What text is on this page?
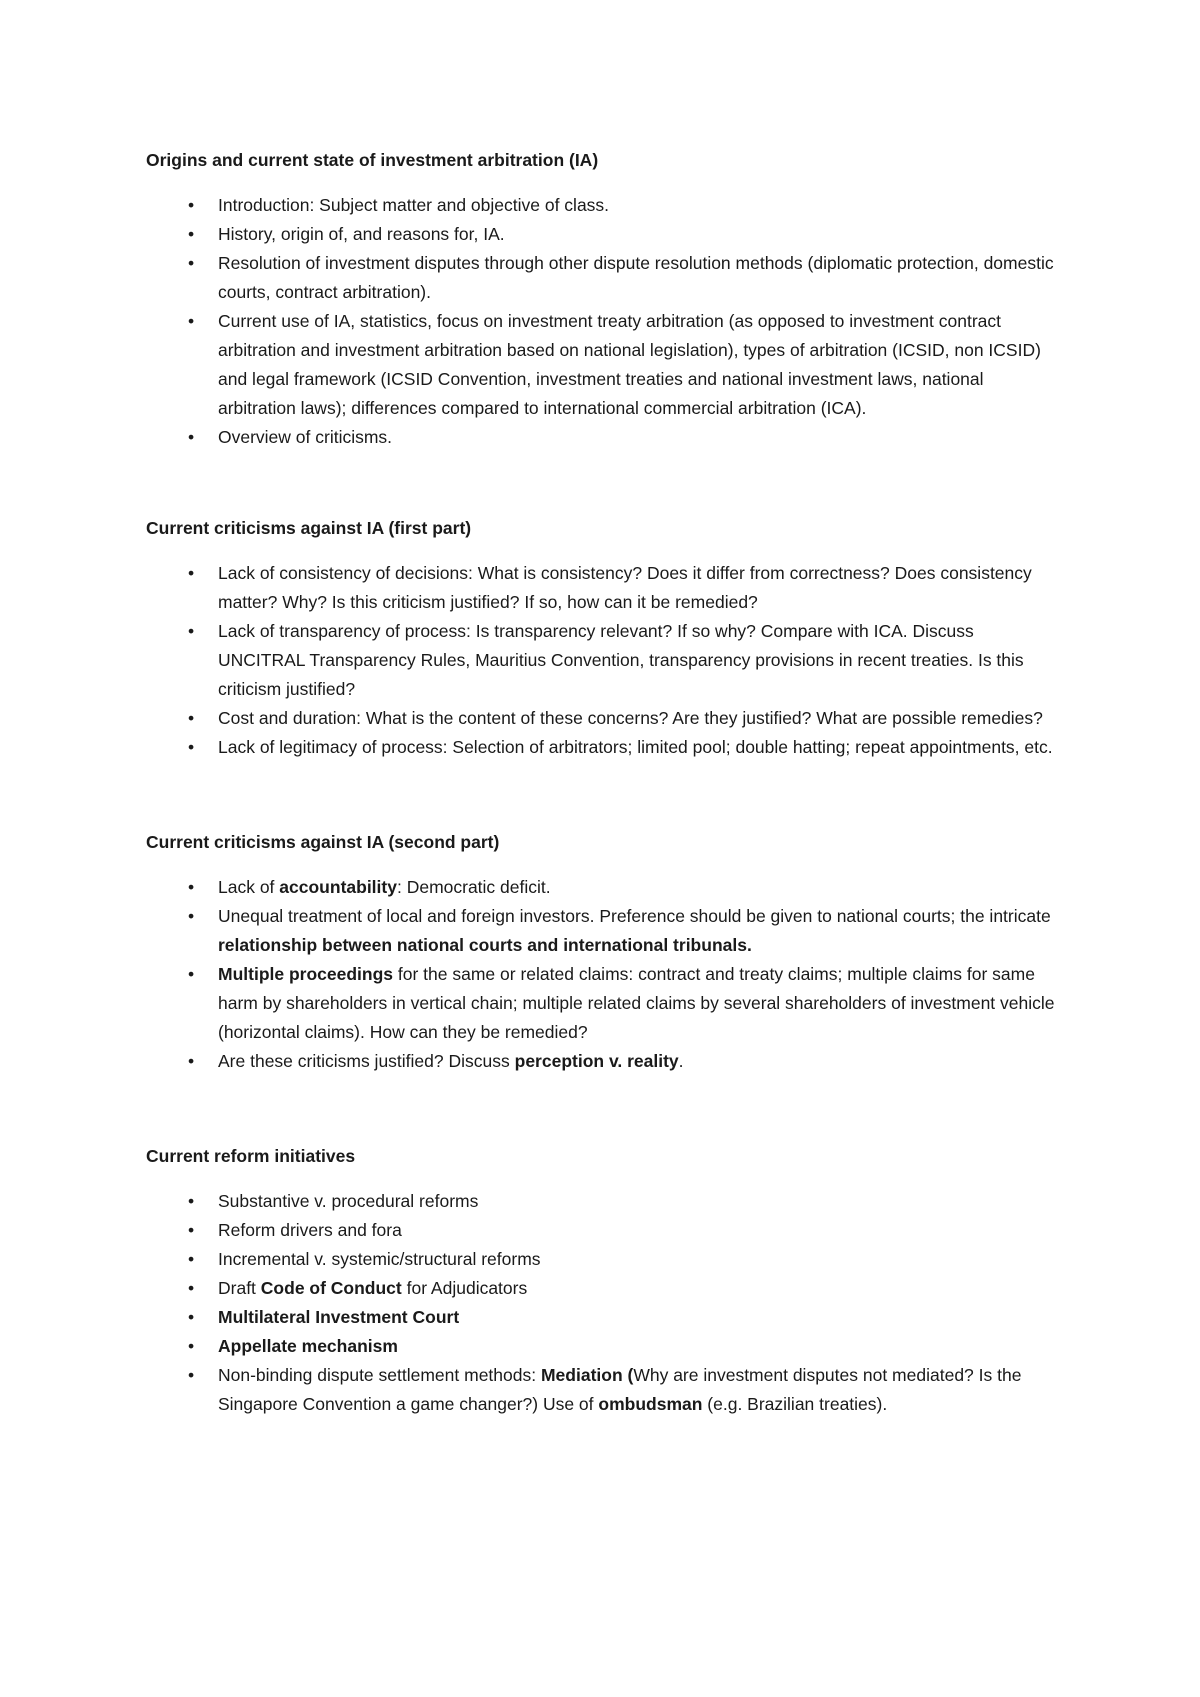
Origins and current state of investment arbitration (IA)
• Introduction: Subject matter and objective of class.
• History, origin of, and reasons for, IA.
• Resolution of investment disputes through other dispute resolution methods (diplomatic protection, domestic courts, contract arbitration).
• Current use of IA, statistics, focus on investment treaty arbitration (as opposed to investment contract arbitration and investment arbitration based on national legislation), types of arbitration (ICSID, non ICSID) and legal framework (ICSID Convention, investment treaties and national investment laws, national arbitration laws); differences compared to international commercial arbitration (ICA).
• Overview of criticisms.
Current criticisms against IA (first part)
• Lack of consistency of decisions: What is consistency? Does it differ from correctness? Does consistency matter? Why? Is this criticism justified? If so, how can it be remedied?
• Lack of transparency of process: Is transparency relevant? If so why? Compare with ICA. Discuss UNCITRAL Transparency Rules, Mauritius Convention, transparency provisions in recent treaties. Is this criticism justified?
• Cost and duration: What is the content of these concerns? Are they justified? What are possible remedies?
• Lack of legitimacy of process: Selection of arbitrators; limited pool; double hatting; repeat appointments, etc.
Current criticisms against IA (second part)
• Lack of accountability: Democratic deficit.
• Unequal treatment of local and foreign investors. Preference should be given to national courts; the intricate relationship between national courts and international tribunals.
• Multiple proceedings for the same or related claims: contract and treaty claims; multiple claims for same harm by shareholders in vertical chain; multiple related claims by several shareholders of investment vehicle (horizontal claims). How can they be remedied?
• Are these criticisms justified? Discuss perception v. reality.
Current reform initiatives
• Substantive v. procedural reforms
• Reform drivers and fora
• Incremental v. systemic/structural reforms
• Draft Code of Conduct for Adjudicators
• Multilateral Investment Court
• Appellate mechanism
• Non-binding dispute settlement methods: Mediation (Why are investment disputes not mediated? Is the Singapore Convention a game changer?) Use of ombudsman (e.g. Brazilian treaties).
